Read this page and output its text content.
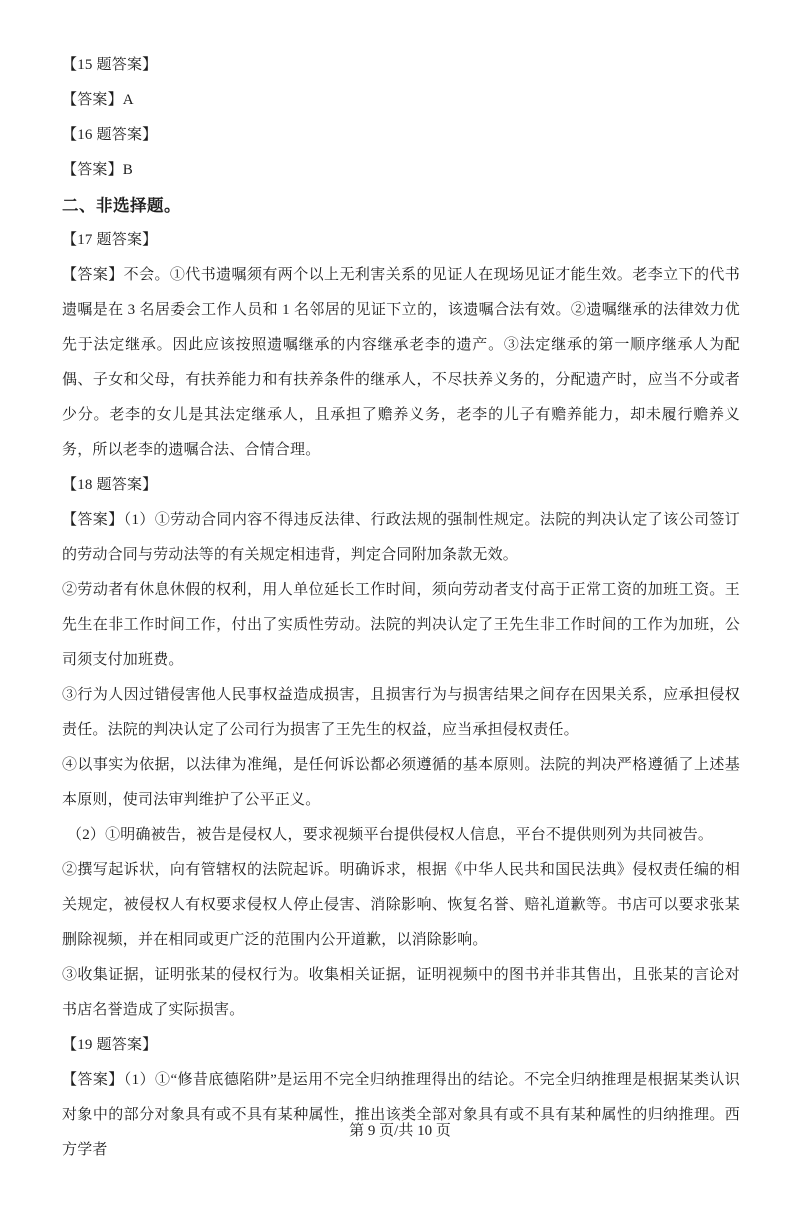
【15 题答案】
【答案】A
【16 题答案】
【答案】B
二、非选择题。
【17 题答案】
【答案】不会。①代书遗嘱须有两个以上无利害关系的见证人在现场见证才能生效。老李立下的代书遗嘱是在 3 名居委会工作人员和 1 名邻居的见证下立的，该遗嘱合法有效。②遗嘱继承的法律效力优先于法定继承。因此应该按照遗嘱继承的内容继承老李的遗产。③法定继承的第一顺序继承人为配偶、子女和父母，有扶养能力和有扶养条件的继承人，不尽扶养义务的，分配遗产时，应当不分或者少分。老李的女儿是其法定继承人，且承担了赡养义务，老李的儿子有赡养能力，却未履行赡养义务，所以老李的遗嘱合法、合情合理。
【18 题答案】
【答案】（1）①劳动合同内容不得违反法律、行政法规的强制性规定。法院的判决认定了该公司签订的劳动合同与劳动法等的有关规定相违背，判定合同附加条款无效。
②劳动者有休息休假的权利，用人单位延长工作时间，须向劳动者支付高于正常工资的加班工资。王先生在非工作时间工作，付出了实质性劳动。法院的判决认定了王先生非工作时间的工作为加班，公司须支付加班费。
③行为人因过错侵害他人民事权益造成损害，且损害行为与损害结果之间存在因果关系，应承担侵权责任。法院的判决认定了公司行为损害了王先生的权益，应当承担侵权责任。
④以事实为依据，以法律为准绳，是任何诉讼都必须遵循的基本原则。法院的判决严格遵循了上述基本原则，使司法审判维护了公平正义。
（2）①明确被告，被告是侵权人，要求视频平台提供侵权人信息，平台不提供则列为共同被告。
②撰写起诉状，向有管辖权的法院起诉。明确诉求，根据《中华人民共和国民法典》侵权责任编的相关规定，被侵权人有权要求侵权人停止侵害、消除影响、恢复名誉、赔礼道歉等。书店可以要求张某删除视频，并在相同或更广泛的范围内公开道歉，以消除影响。
③收集证据，证明张某的侵权行为。收集相关证据，证明视频中的图书并非其售出，且张某的言论对书店名誉造成了实际损害。
【19 题答案】
【答案】（1）①“修昔底德陷阱”是运用不完全归纳推理得出的结论。不完全归纳推理是根据某类认识对象中的部分对象具有或不具有某种属性，推出该类全部对象具有或不具有某种属性的归纳推理。西方学者
第 9 页/共 10 页
